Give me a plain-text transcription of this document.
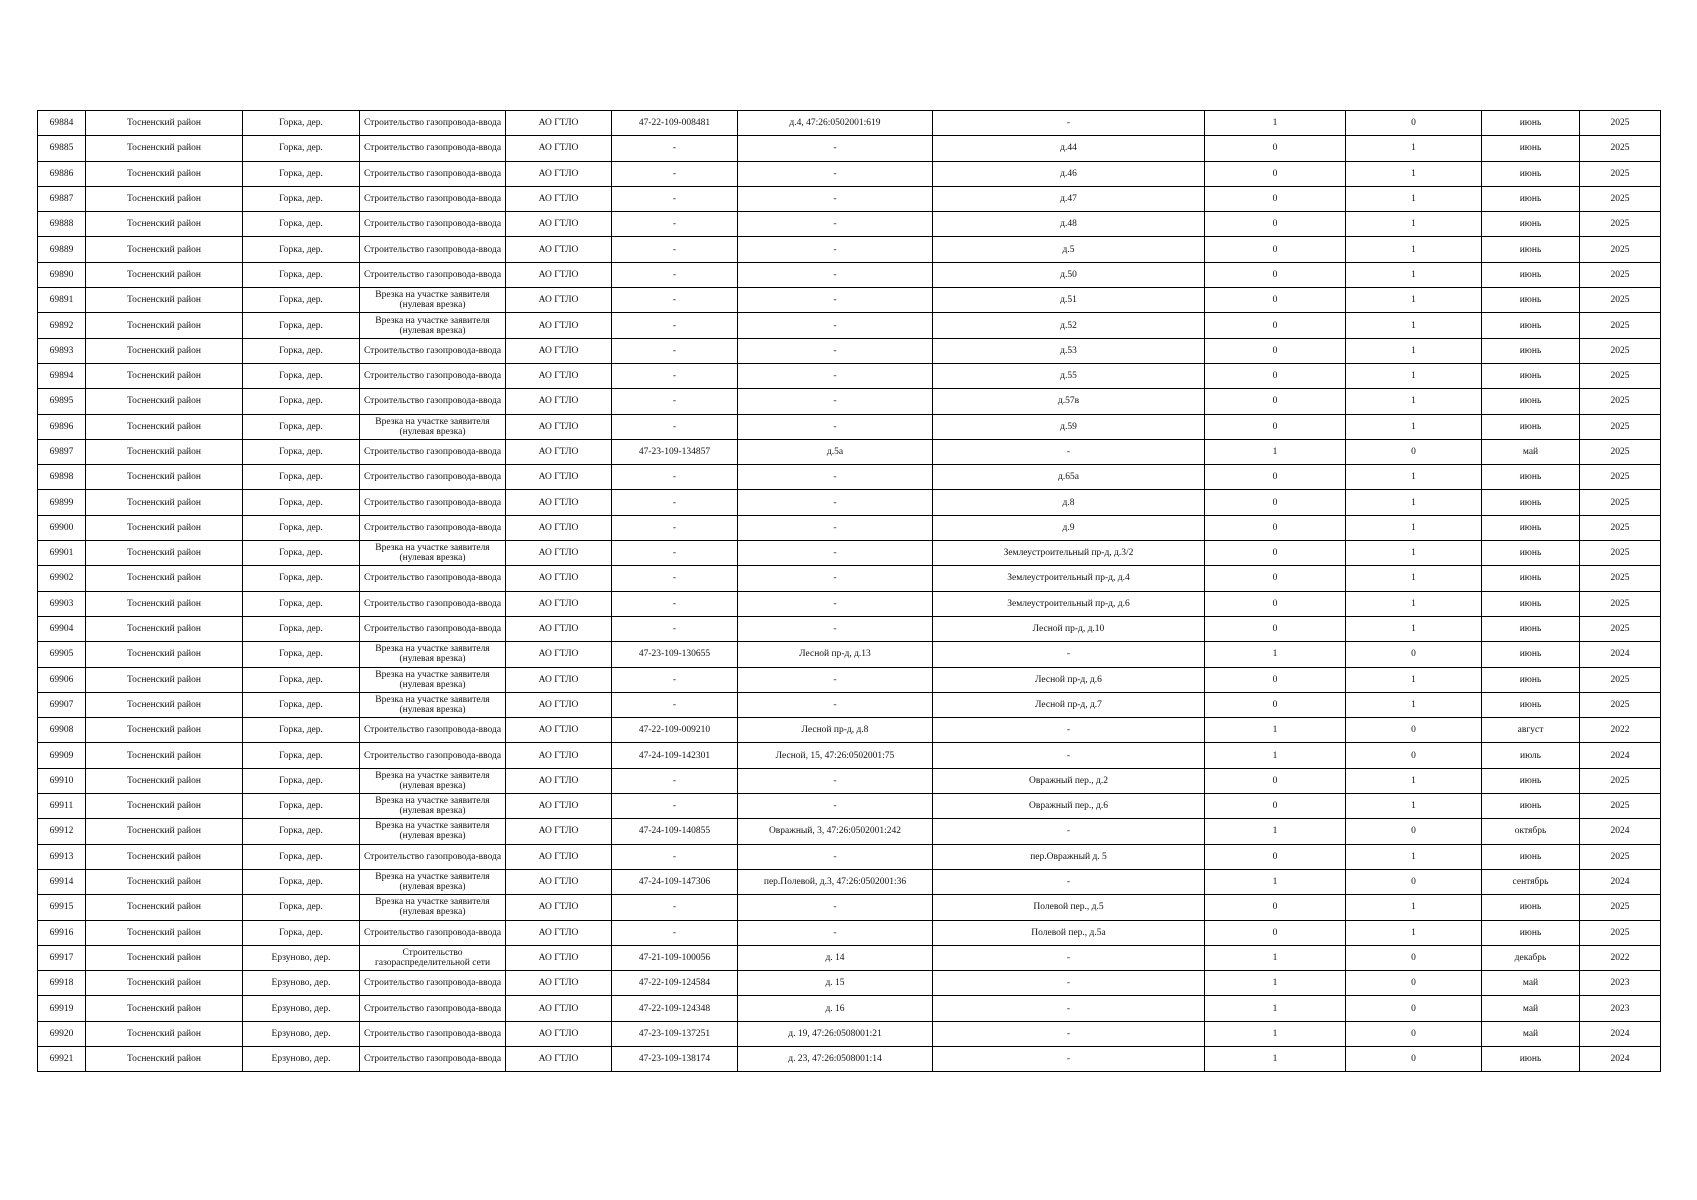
69884	Тосненский район	Горка, дер.	Строительство газопровода-ввода	АО ГТЛО	47-22-109-008481	д.4, 47:26:0502001:619	-	1	0	июнь	2025
69885	Тосненский район	Горка, дер.	Строительство газопровода-ввода	АО ГТЛО	-	-	д.44	0	1	июнь	2025
69886	Тосненский район	Горка, дер.	Строительство газопровода-ввода	АО ГТЛО	-	-	д.46	0	1	июнь	2025
69887	Тосненский район	Горка, дер.	Строительство газопровода-ввода	АО ГТЛО	-	-	д.47	0	1	июнь	2025
69888	Тосненский район	Горка, дер.	Строительство газопровода-ввода	АО ГТЛО	-	-	д.48	0	1	июнь	2025
69889	Тосненский район	Горка, дер.	Строительство газопровода-ввода	АО ГТЛО	-	-	д.5	0	1	июнь	2025
69890	Тосненский район	Горка, дер.	Строительство газопровода-ввода	АО ГТЛО	-	-	д.50	0	1	июнь	2025
69891	Тосненский район	Горка, дер.	Врезка на участке заявителя (нулевая врезка)	АО ГТЛО	-	-	д.51	0	1	июнь	2025
69892	Тосненский район	Горка, дер.	Врезка на участке заявителя (нулевая врезка)	АО ГТЛО	-	-	д.52	0	1	июнь	2025
69893	Тосненский район	Горка, дер.	Строительство газопровода-ввода	АО ГТЛО	-	-	д.53	0	1	июнь	2025
69894	Тосненский район	Горка, дер.	Строительство газопровода-ввода	АО ГТЛО	-	-	д.55	0	1	июнь	2025
69895	Тосненский район	Горка, дер.	Строительство газопровода-ввода	АО ГТЛО	-	-	д.57в	0	1	июнь	2025
69896	Тосненский район	Горка, дер.	Врезка на участке заявителя (нулевая врезка)	АО ГТЛО	-	-	д.59	0	1	июнь	2025
69897	Тосненский район	Горка, дер.	Строительство газопровода-ввода	АО ГТЛО	47-23-109-134857	д.5а	-	1	0	май	2025
69898	Тосненский район	Горка, дер.	Строительство газопровода-ввода	АО ГТЛО	-	-	д.65а	0	1	июнь	2025
69899	Тосненский район	Горка, дер.	Строительство газопровода-ввода	АО ГТЛО	-	-	д.8	0	1	июнь	2025
69900	Тосненский район	Горка, дер.	Строительство газопровода-ввода	АО ГТЛО	-	-	д.9	0	1	июнь	2025
69901	Тосненский район	Горка, дер.	Врезка на участке заявителя (нулевая врезка)	АО ГТЛО	-	-	Землеустроительный пр-д, д.3/2	0	1	июнь	2025
69902	Тосненский район	Горка, дер.	Строительство газопровода-ввода	АО ГТЛО	-	-	Землеустроительный пр-д, д.4	0	1	июнь	2025
69903	Тосненский район	Горка, дер.	Строительство газопровода-ввода	АО ГТЛО	-	-	Землеустроительный пр-д, д.6	0	1	июнь	2025
69904	Тосненский район	Горка, дер.	Строительство газопровода-ввода	АО ГТЛО	-	-	Лесной пр-д, д.10	0	1	июнь	2025
69905	Тосненский район	Горка, дер.	Врезка на участке заявителя (нулевая врезка)	АО ГТЛО	47-23-109-130655	Лесной пр-д, д.13	-	1	0	июнь	2024
69906	Тосненский район	Горка, дер.	Врезка на участке заявителя (нулевая врезка)	АО ГТЛО	-	-	Лесной пр-д, д.6	0	1	июнь	2025
69907	Тосненский район	Горка, дер.	Врезка на участке заявителя (нулевая врезка)	АО ГТЛО	-	-	Лесной пр-д, д.7	0	1	июнь	2025
69908	Тосненский район	Горка, дер.	Строительство газопровода-ввода	АО ГТЛО	47-22-109-009210	Лесной пр-д, д.8	-	1	0	август	2022
69909	Тосненский район	Горка, дер.	Строительство газопровода-ввода	АО ГТЛО	47-24-109-142301	Лесной, 15, 47:26:0502001:75	-	1	0	июль	2024
69910	Тосненский район	Горка, дер.	Врезка на участке заявителя (нулевая врезка)	АО ГТЛО	-	-	Овражный пер., д.2	0	1	июнь	2025
69911	Тосненский район	Горка, дер.	Врезка на участке заявителя (нулевая врезка)	АО ГТЛО	-	-	Овражный пер., д.6	0	1	июнь	2025
69912	Тосненский район	Горка, дер.	Врезка на участке заявителя (нулевая врезка)	АО ГТЛО	47-24-109-140855	Овражный, 3, 47:26:0502001:242	-	1	0	октябрь	2024
69913	Тосненский район	Горка, дер.	Строительство газопровода-ввода	АО ГТЛО	-	-	пер.Овражный д. 5	0	1	июнь	2025
69914	Тосненский район	Горка, дер.	Врезка на участке заявителя (нулевая врезка)	АО ГТЛО	47-24-109-147306	пер.Полевой, д.3, 47:26:0502001:36	-	1	0	сентябрь	2024
69915	Тосненский район	Горка, дер.	Врезка на участке заявителя (нулевая врезка)	АО ГТЛО	-	-	Полевой пер., д.5	0	1	июнь	2025
69916	Тосненский район	Горка, дер.	Строительство газопровода-ввода	АО ГТЛО	-	-	Полевой пер., д.5а	0	1	июнь	2025
69917	Тосненский район	Ерзуново, дер.	Строительство газораспределительной сети	АО ГТЛО	47-21-109-100056	д. 14	-	1	0	декабрь	2022
69918	Тосненский район	Ерзуново, дер.	Строительство газопровода-ввода	АО ГТЛО	47-22-109-124584	д. 15	-	1	0	май	2023
69919	Тосненский район	Ерзуново, дер.	Строительство газопровода-ввода	АО ГТЛО	47-22-109-124348	д. 16	-	1	0	май	2023
69920	Тосненский район	Ерзуново, дер.	Строительство газопровода-ввода	АО ГТЛО	47-23-109-137251	д. 19, 47:26:0508001:21	-	1	0	май	2024
69921	Тосненский район	Ерзуново, дер.	Строительство газопровода-ввода	АО ГТЛО	47-23-109-138174	д. 23, 47:26:0508001:14	-	1	0	июнь	2024
